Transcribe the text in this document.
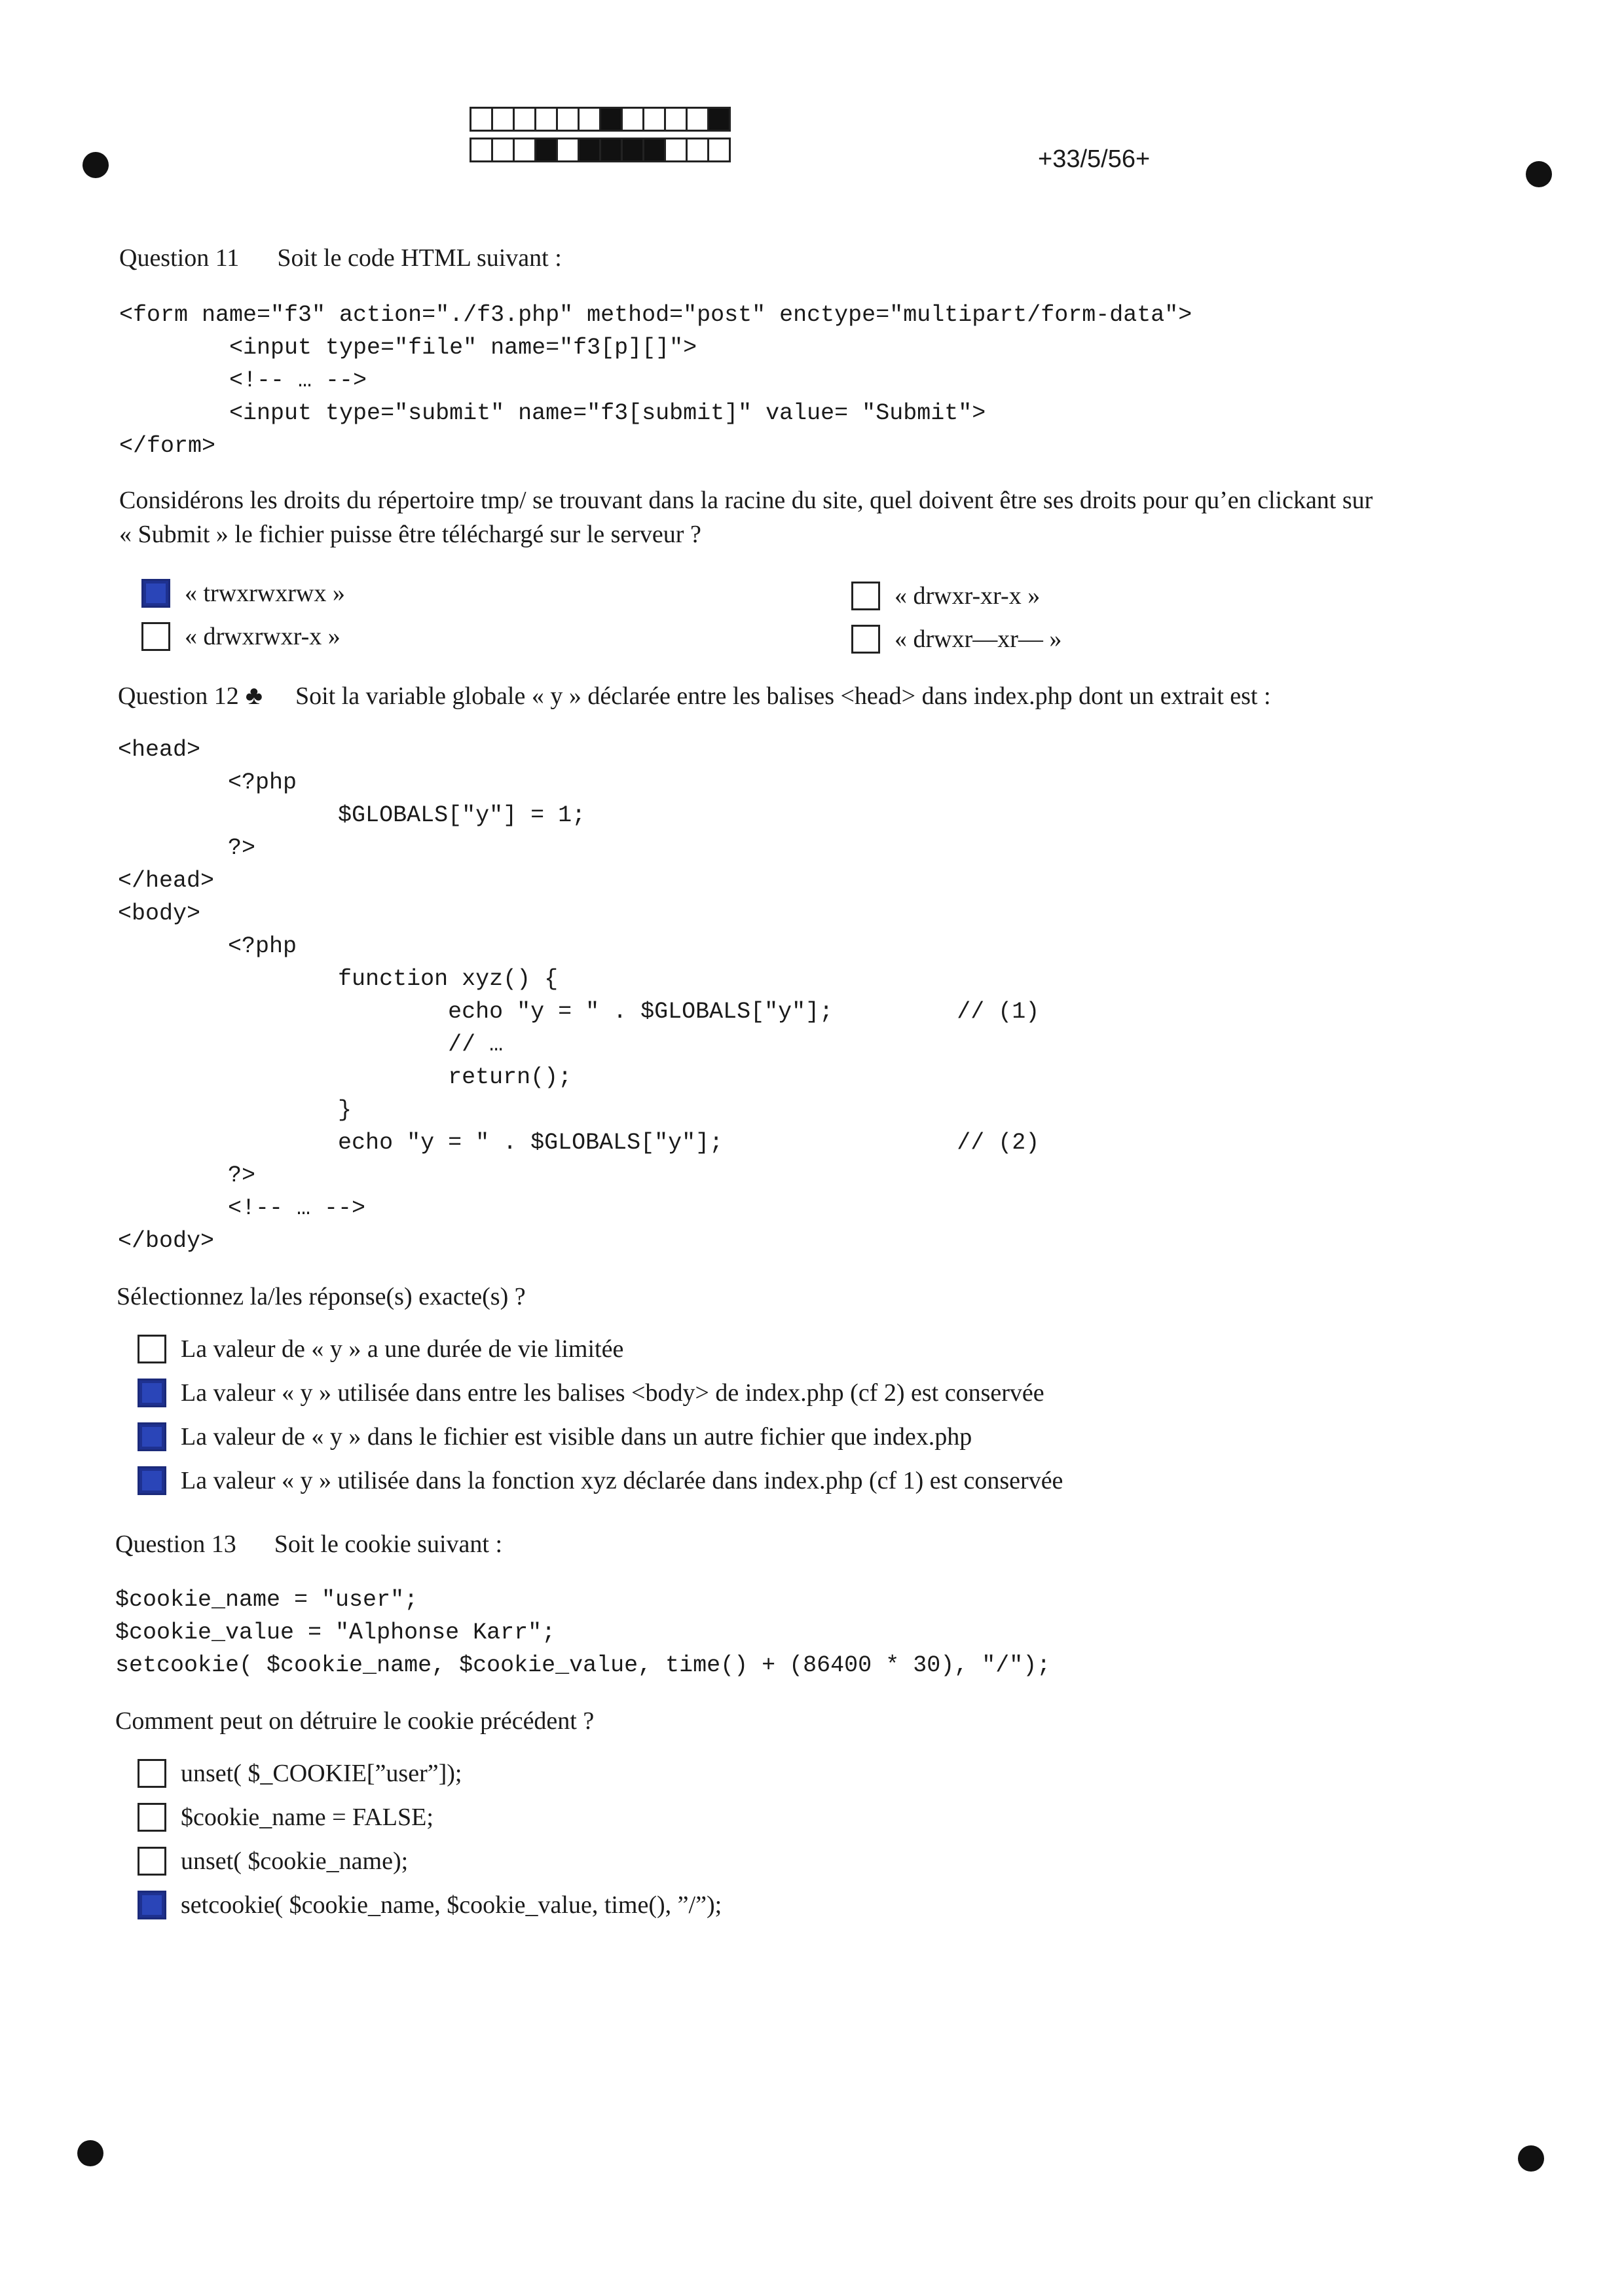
+33/5/56+
Question 11 Soit le code HTML suivant :
<form name="f3" action="./f3.php" method="post" enctype="multipart/form-data">
<input type="file" name="f3[p][]">
<!-- … -->
<input type="submit" name="f3[submit]" value= "Submit">
</form>
Considérons les droits du répertoire tmp/ se trouvant dans la racine du site, quel doivent être ses droits pour qu’en clickant sur
« Submit » le fichier puisse être téléchargé sur le serveur ?
« trwxrwxrwx »	« drwxr-xr-x »
« drwxrwxr-x »	« drwxr—xr— »
Question 12 ♣ Soit la variable globale « y » déclarée entre les balises <head> dans index.php dont un extrait est :
<head>
<?php
$GLOBALS["y"] = 1;
?>
</head>
<body>
<?php
function xyz() {
echo "y = " . $GLOBALS["y"];         // (1)
// …
return();
}
echo "y = " . $GLOBALS["y"];                 // (2)
?>
<!-- … -->
</body>
Sélectionnez la/les réponse(s) exacte(s) ?
La valeur de « y » a une durée de vie limitée
La valeur « y » utilisée dans entre les balises <body> de index.php (cf 2) est conservée
La valeur de « y » dans le fichier est visible dans un autre fichier que index.php
La valeur « y » utilisée dans la fonction xyz déclarée dans index.php (cf 1) est conservée
Question 13 Soit le cookie suivant :
$cookie_name = "user";
$cookie_value = "Alphonse Karr";
setcookie( $cookie_name, $cookie_value, time() + (86400 * 30), "/");
Comment peut on détruire le cookie précédent ?
unset( $_COOKIE[”user”]);
$cookie_name = FALSE;
unset( $cookie_name);
setcookie( $cookie_name, $cookie_value, time(), ”/”);
